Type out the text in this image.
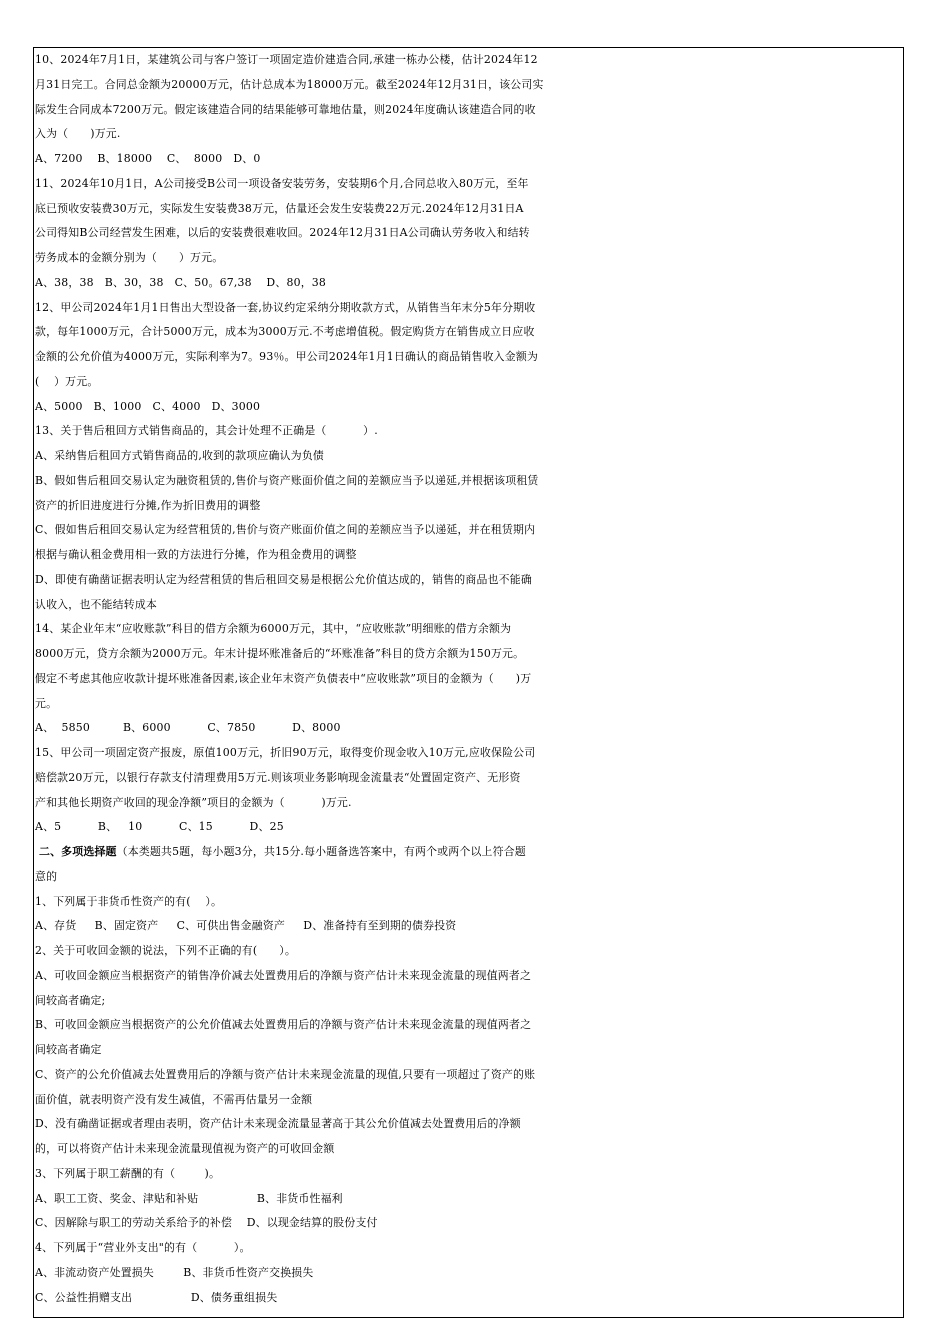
10、2024年7月1日，某建筑公司与客户签订一项固定造价建造合同,承建一栋办公楼，估计2024年12
月31日完工。合同总金额为20000万元，估计总成本为18000万元。截至2024年12月31日，该公司实
际发生合同成本7200万元。假定该建造合同的结果能够可靠地估量，则2024年度确认该建造合同的收
入为（      )万元.
A、7200    B、18000    C、  8000   D、0
11、2024年10月1日，A公司接受B公司一项设备安装劳务，安装期6个月,合同总收入80万元，至年
底已预收安装费30万元，实际发生安装费38万元，估量还会发生安装费22万元.2024年12月31日A
公司得知B公司经营发生困难，以后的安装费很难收回。2024年12月31日A公司确认劳务收入和结转
劳务成本的金额分别为（      ）万元。
A、38，38   B、30，38   C、50。67,38    D、80，38
12、甲公司2024年1月1日售出大型设备一套,协议约定采纳分期收款方式，从销售当年末分5年分期收
款，每年1000万元，合计5000万元，成本为3000万元.不考虑增值税。假定购货方在销售成立日应收
金额的公允价值为4000万元，实际利率为7。93％。甲公司2024年1月1日确认的商品销售收入金额为
(    ）万元。
A、5000   B、1000   C、4000   D、3000
13、关于售后租回方式销售商品的，其会计处理不正确是（          ）.
A、采纳售后租回方式销售商品的,收到的款项应确认为负债
B、假如售后租回交易认定为融资租赁的,售价与资产账面价值之间的差额应当予以递延,并根据该项租赁
资产的折旧进度进行分摊,作为折旧费用的调整
C、假如售后租回交易认定为经营租赁的,售价与资产账面价值之间的差额应当予以递延，并在租赁期内
根据与确认租金费用相一致的方法进行分摊，作为租金费用的调整
D、即使有确凿证据表明认定为经营租赁的售后租回交易是根据公允价值达成的，销售的商品也不能确
认收入，也不能结转成本
14、某企业年末“应收账款”科目的借方余额为6000万元，其中，“应收账款”明细账的借方余额为
8000万元，贷方余额为2000万元。年末计提坏账准备后的“坏账准备”科目的贷方余额为150万元。
假定不考虑其他应收款计提坏账准备因素,该企业年末资产负债表中“应收账款”项目的金额为（      )万
元。
A、  5850         B、6000          C、7850          D、8000
15、甲公司一项固定资产报废，原值100万元，折旧90万元，取得变价现金收入10万元,应收保险公司
赔偿款20万元，以银行存款支付清理费用5万元.则该项业务影响现金流量表“处置固定资产、无形资
产和其他长期资产收回的现金净额”项目的金额为（          )万元.
A、5          B、   10          C、15          D、25
二、多项选择题（本类题共5题，每小题3分，共15分.每小题备选答案中，有两个或两个以上符合题
意的
1、下列属于非货币性资产的有(    ）。
A、存货     B、固定资产     C、可供出售金融资产     D、准备持有至到期的债券投资
2、关于可收回金额的说法，下列不正确的有(      ）。
A、可收回金额应当根据资产的销售净价减去处置费用后的净额与资产估计未来现金流量的现值两者之
间较高者确定;
B、可收回金额应当根据资产的公允价值减去处置费用后的净额与资产估计未来现金流量的现值两者之
间较高者确定
C、资产的公允价值减去处置费用后的净额与资产估计未来现金流量的现值,只要有一项超过了资产的账
面价值，就表明资产没有发生减值，不需再估量另一金额
D、没有确凿证据或者理由表明，资产估计未来现金流量显著高于其公允价值减去处置费用后的净额
的，可以将资产估计未来现金流量现值视为资产的可收回金额
3、下列属于职工薪酬的有（        )。
A、职工工资、奖金、津贴和补贴                B、非货币性福利
C、因解除与职工的劳动关系给予的补偿    D、以现金结算的股份支付
4、下列属于“营业外支出"的有（          ）。
A、非流动资产处置损失        B、非货币性资产交换损失
C、公益性捐赠支出                D、债务重组损失
